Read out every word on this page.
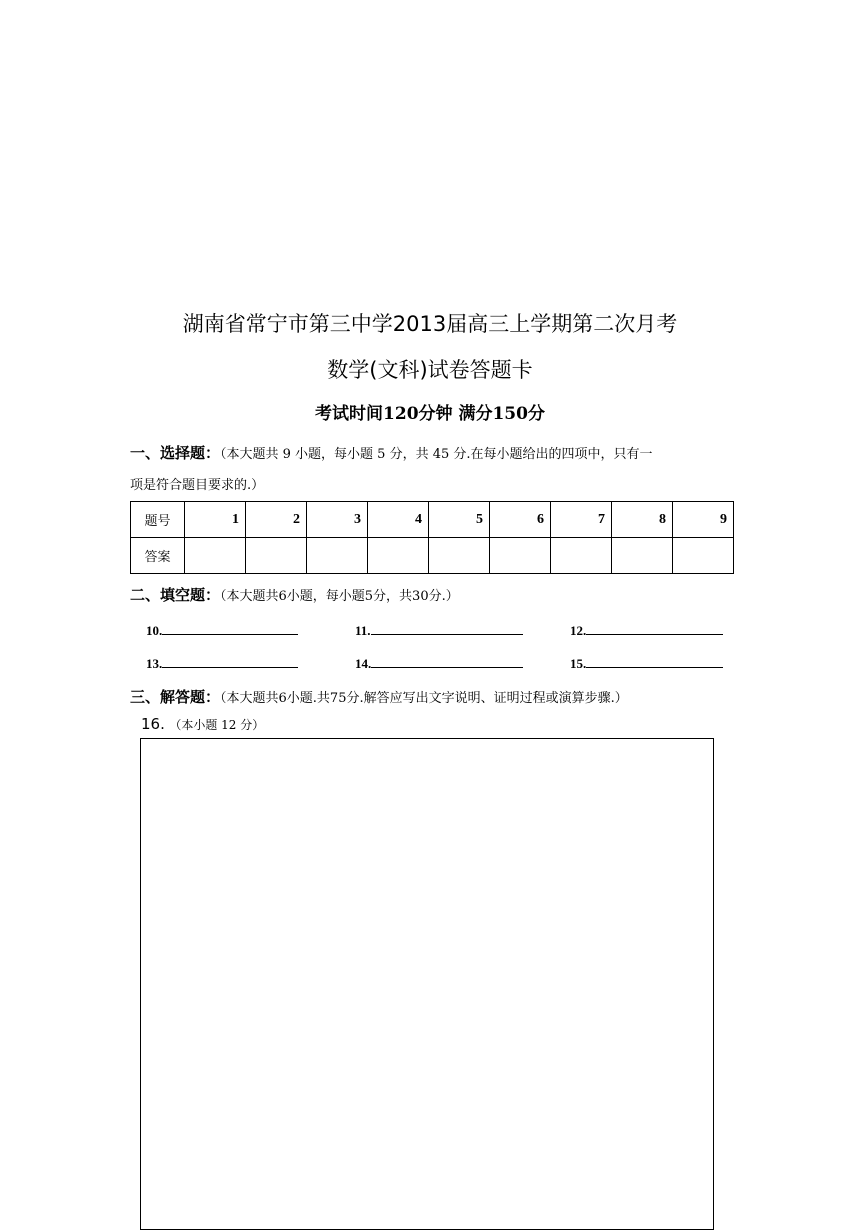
湖南省常宁市第三中学2013届高三上学期第二次月考
数学(文科)试卷答题卡
考试时间120分钟 满分150分
一、选择题：（本大题共 9 小题，每小题 5 分，共 45 分.在每小题给出的四项中，只有一
项是符合题目要求的.）
题号	1	2	3	4	5	6	7	8	9
答案									
二、填空题：（本大题共6小题，每小题5分，共30分.）
10.	11.	12.
13.	14.	15.
三、解答题：（本大题共6小题.共75分.解答应写出文字说明、证明过程或演算步骤.）
16. （本小题 12 分）
